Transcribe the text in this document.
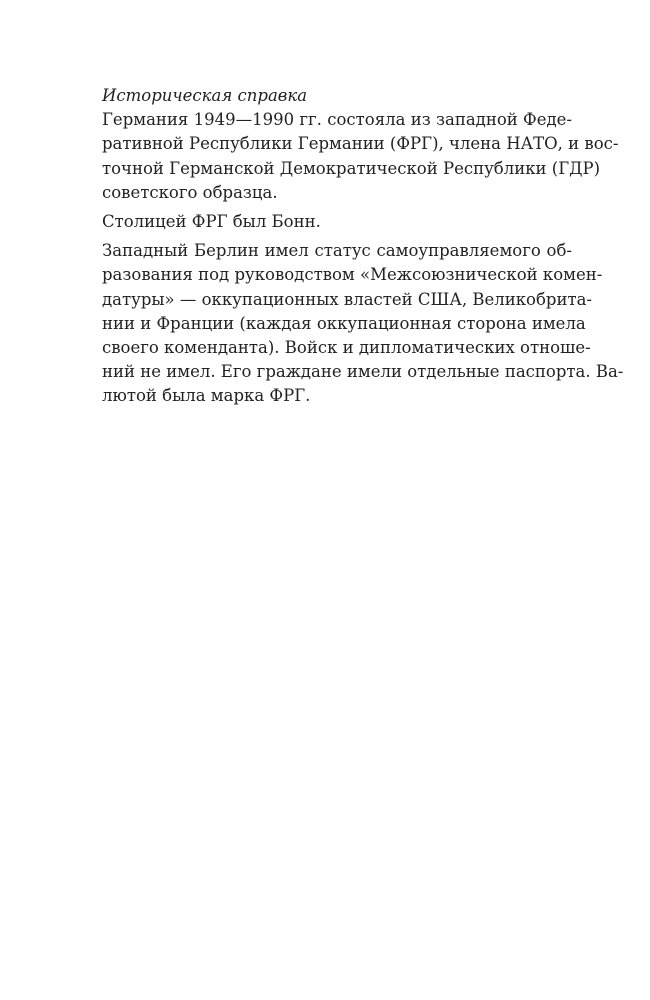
Историческая справка
Германия 1949—1990 гг. состояла из западной Феде-
ративной Республики Германии (ФРГ), члена НАТО, и вос-
точной Германской Демократической Республики (ГДР)
советского образца.
Столицей ФРГ был Бонн.
Западный Берлин имел статус самоуправляемого об-
разования под руководством «Межсоюзнической комен-
датуры» — оккупационных властей США, Великобрита-
нии и Франции (каждая оккупационная сторона имела
своего коменданта). Войск и дипломатических отноше-
ний не имел. Его граждане имели отдельные паспорта. Ва-
лютой была марка ФРГ.
